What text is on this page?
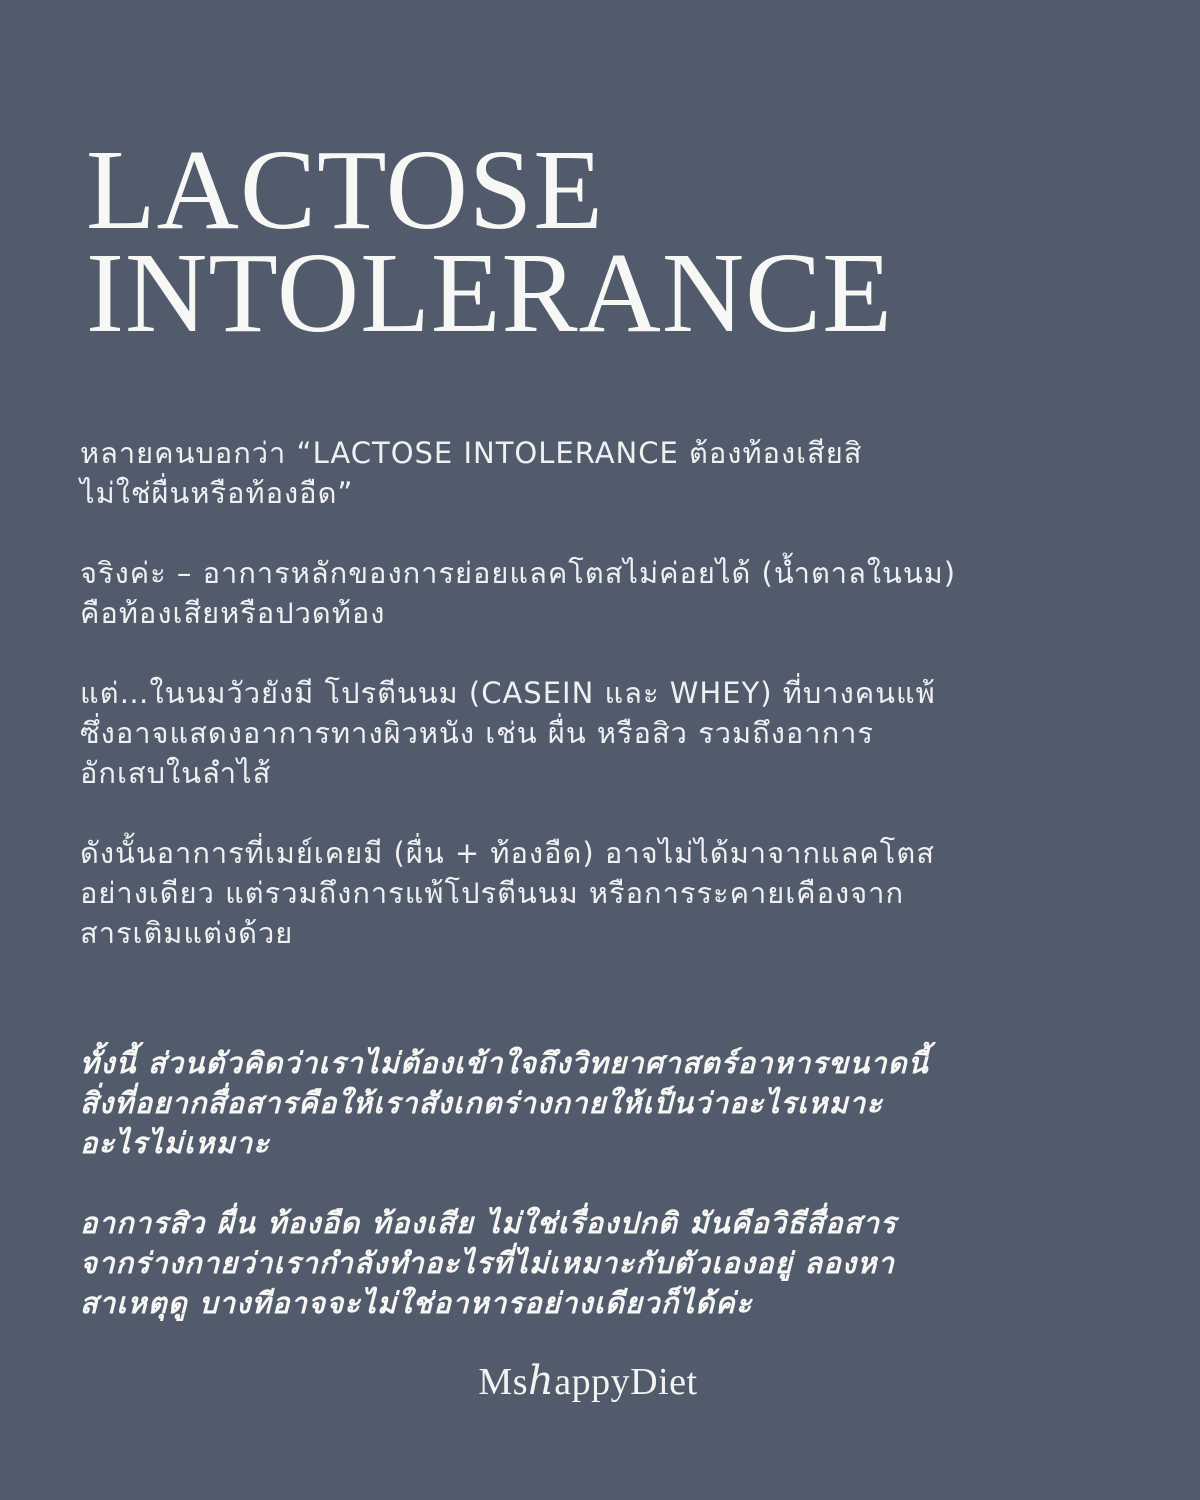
LACTOSE
INTOLERANCE

หลายคนบอกว่า “LACTOSE INTOLERANCE ต้องท้องเสียสิ
ไม่ใช่ผื่นหรือท้องอืด”

จริงค่ะ – อาการหลักของการย่อยแลคโตสไม่ค่อยได้ (น้ำตาลในนม)
คือท้องเสียหรือปวดท้อง

แต่…ในนมวัวยังมี โปรตีนนม (CASEIN และ WHEY) ที่บางคนแพ้
ซึ่งอาจแสดงอาการทางผิวหนัง เช่น ผื่น หรือสิว รวมถึงอาการ
อักเสบในลำไส้

ดังนั้นอาการที่เมย์เคยมี (ผื่น + ท้องอืด) อาจไม่ได้มาจากแลคโตส
อย่างเดียว แต่รวมถึงการแพ้โปรตีนนม หรือการระคายเคืองจาก
สารเติมแต่งด้วย

ทั้งนี้ ส่วนตัวคิดว่าเราไม่ต้องเข้าใจถึงวิทยาศาสตร์อาหารขนาดนี้
สิ่งที่อยากสื่อสารคือให้เราสังเกตร่างกายให้เป็นว่าอะไรเหมาะ
อะไรไม่เหมาะ

อาการสิว ผื่น ท้องอืด ท้องเสีย ไม่ใช่เรื่องปกติ มันคือวิธีสื่อสาร
จากร่างกายว่าเรากำลังทำอะไรที่ไม่เหมาะกับตัวเองอยู่ ลองหา
สาเหตุดู บางทีอาจจะไม่ใช่อาหารอย่างเดียวก็ได้ค่ะ

MshappyDiet
